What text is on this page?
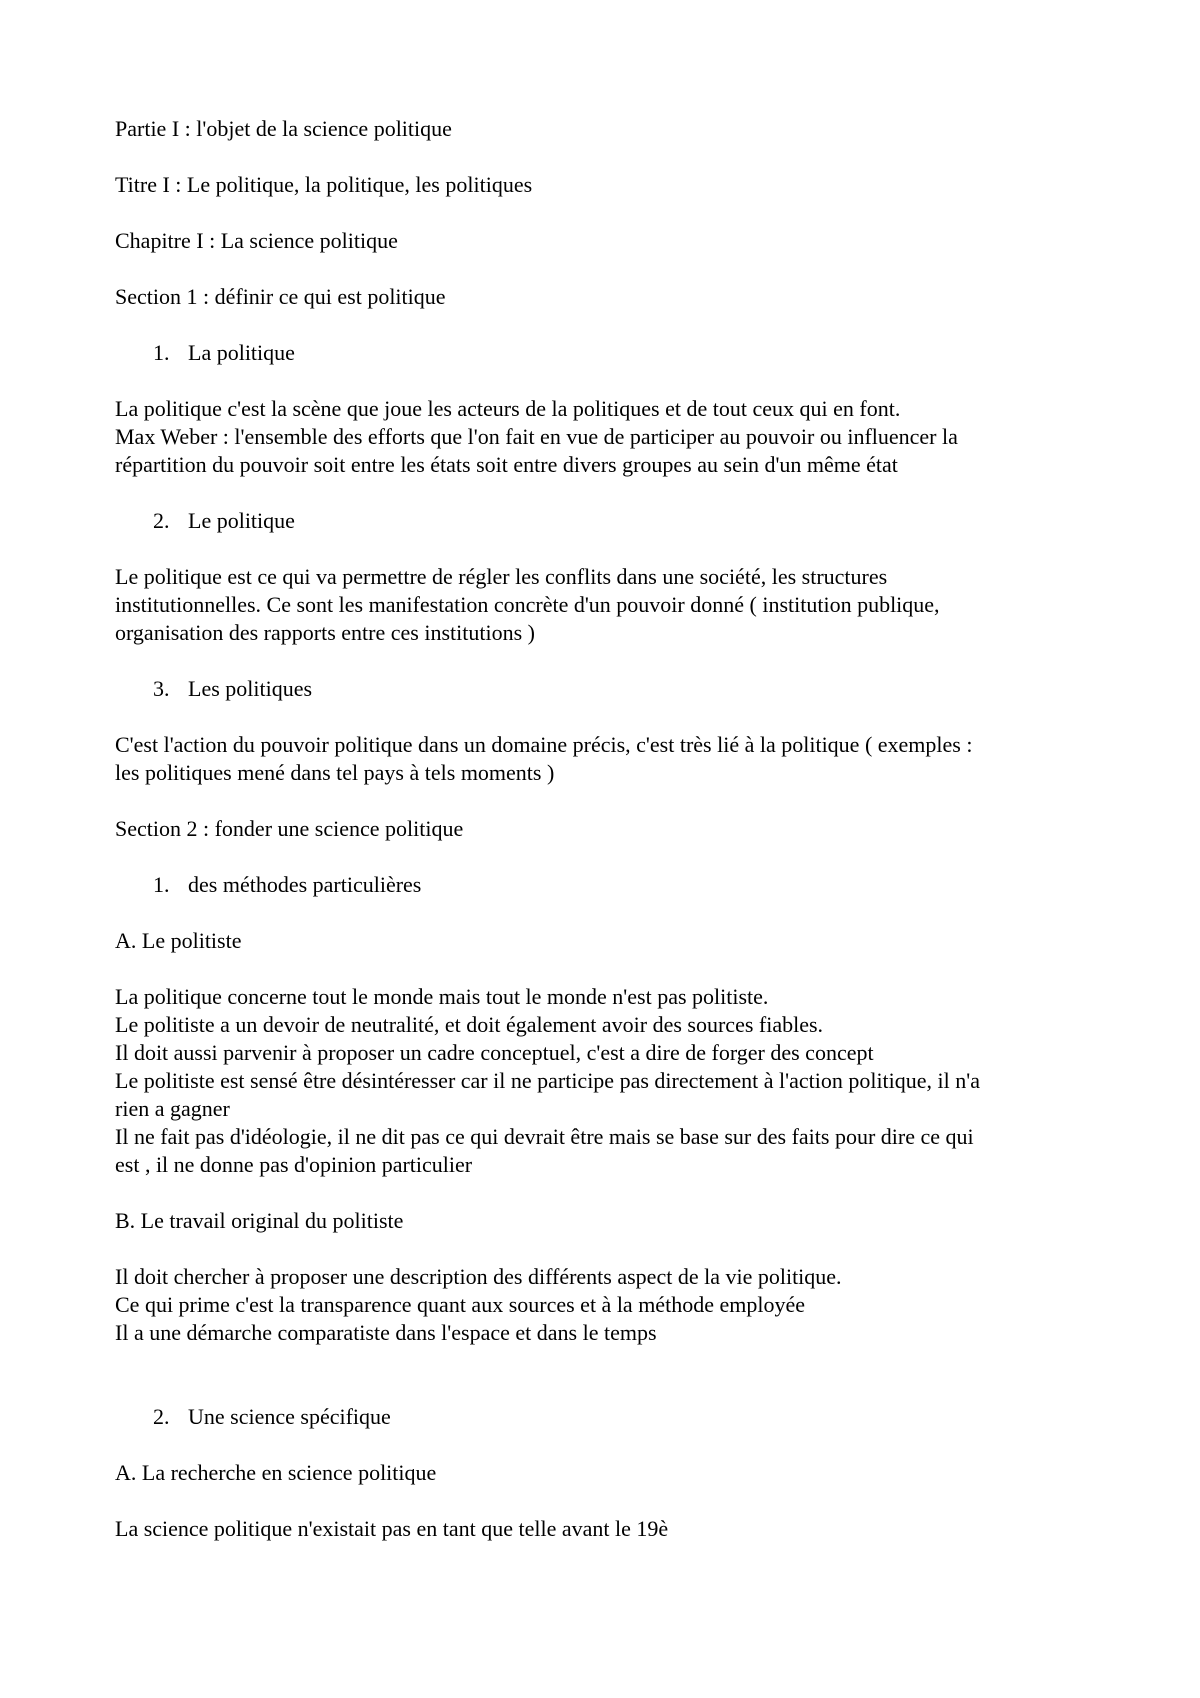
Partie I : l'objet de la science politique

Titre I : Le politique, la politique, les politiques

Chapitre I : La science politique

Section 1 : définir ce qui est politique

1. La politique

La politique c'est la scène que joue les acteurs de la politiques et de tout ceux qui en font.
Max Weber : l'ensemble des efforts que l'on fait en vue de participer au pouvoir ou influencer la
répartition du pouvoir soit entre les états soit entre divers groupes au sein d'un même état

2. Le politique

Le politique est ce qui va permettre de régler les conflits dans une société, les structures
institutionnelles. Ce sont les manifestation concrète d'un pouvoir donné ( institution publique,
organisation des rapports entre ces institutions )

3. Les politiques

C'est l'action du pouvoir politique dans un domaine précis, c'est très lié à la politique ( exemples :
les politiques mené dans tel pays à tels moments )

Section 2 : fonder une science politique

1. des méthodes particulières

A. Le politiste

La politique concerne tout le monde mais tout le monde n'est pas politiste.
Le politiste a un devoir de neutralité, et doit également avoir des sources fiables.
Il doit aussi parvenir à proposer un cadre conceptuel, c'est a dire de forger des concept
Le politiste est sensé être désintéresser car il ne participe pas directement à l'action politique, il n'a
rien a gagner
Il ne fait pas d'idéologie, il ne dit pas ce qui devrait être mais se base sur des faits pour dire ce qui
est , il ne donne pas d'opinion particulier

B. Le travail original du politiste

Il doit chercher à proposer une description des différents aspect de la vie politique.
Ce qui prime c'est la transparence quant aux sources et à la méthode employée
Il a une démarche comparatiste dans l'espace et dans le temps

2. Une science spécifique

A. La recherche en science politique

La science politique n'existait pas en tant que telle avant le 19è
